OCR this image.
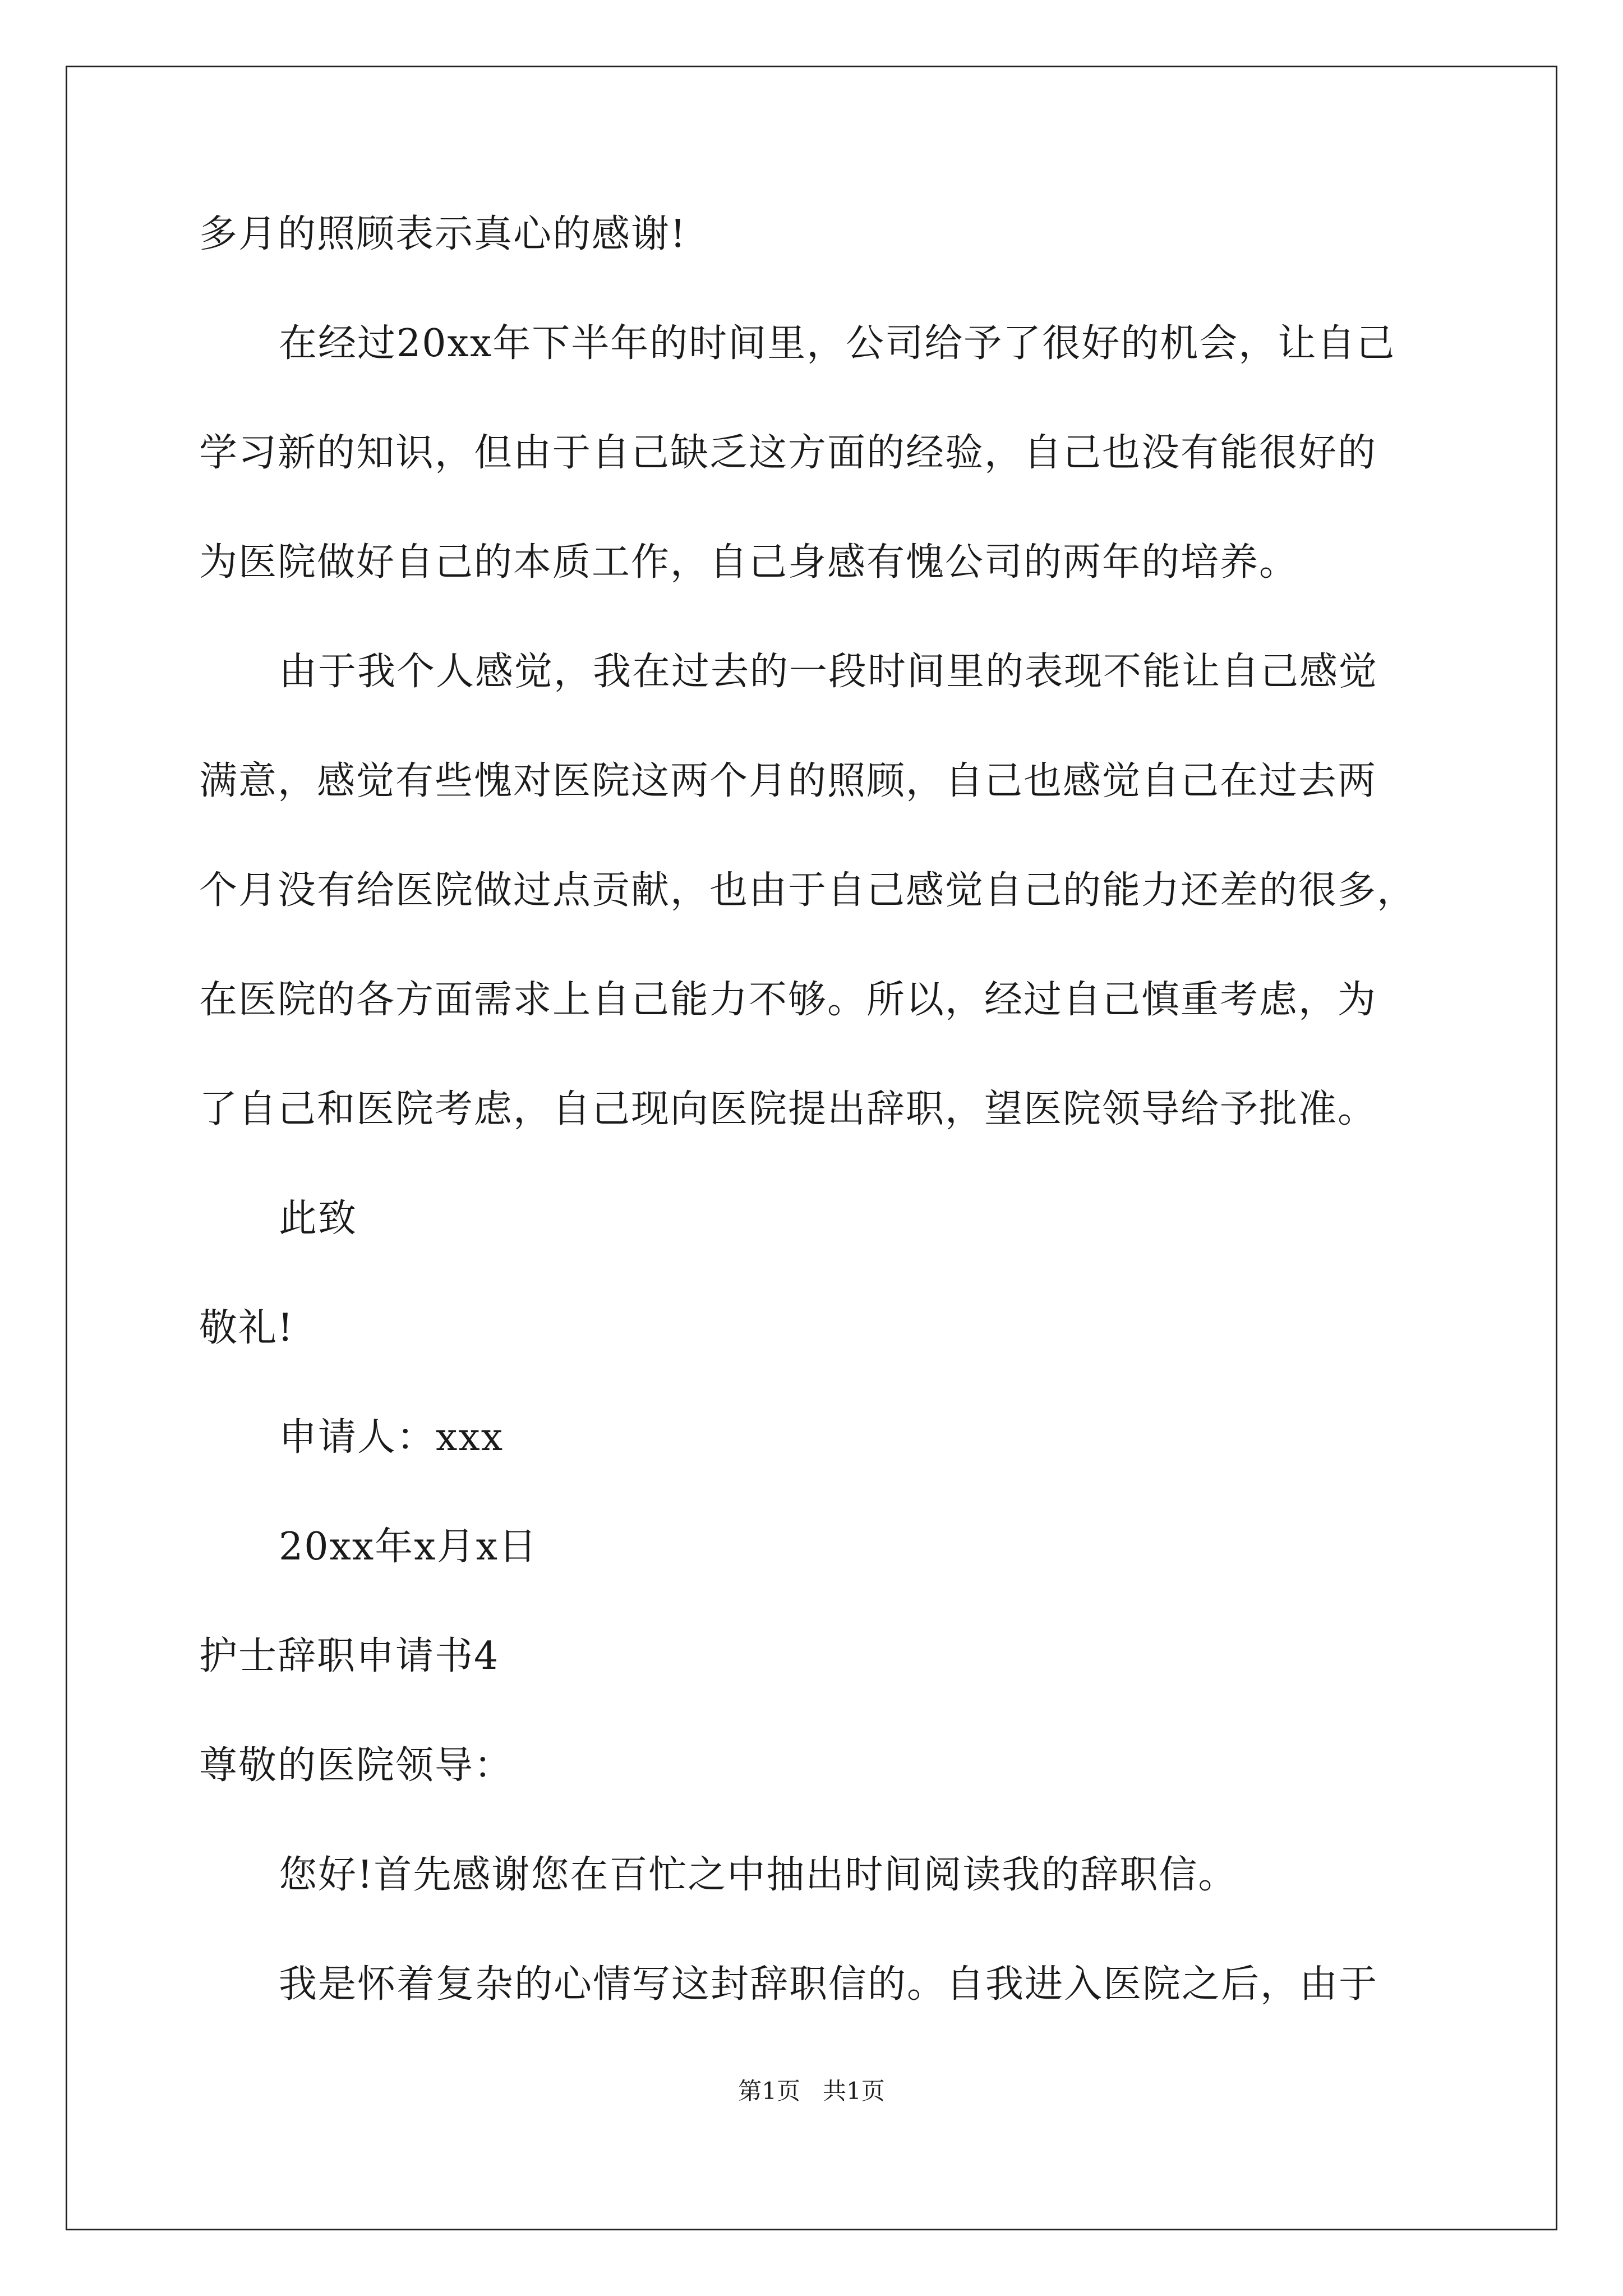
多月的照顾表示真心的感谢!
在经过20xx年下半年的时间里，公司给予了很好的机会，让自己
学习新的知识，但由于自己缺乏这方面的经验，自己也没有能很好的
为医院做好自己的本质工作，自己身感有愧公司的两年的培养。
由于我个人感觉，我在过去的一段时间里的表现不能让自己感觉
满意，感觉有些愧对医院这两个月的照顾，自己也感觉自己在过去两
个月没有给医院做过点贡献，也由于自己感觉自己的能力还差的很多，
在医院的各方面需求上自己能力不够。所以，经过自己慎重考虑，为
了自己和医院考虑，自己现向医院提出辞职，望医院领导给予批准。
此致
敬礼!
申请人：xxx
20xx年x月x日
护士辞职申请书4
尊敬的医院领导：
您好!首先感谢您在百忙之中抽出时间阅读我的辞职信。
我是怀着复杂的心情写这封辞职信的。自我进入医院之后，由于
第1页 共1页
